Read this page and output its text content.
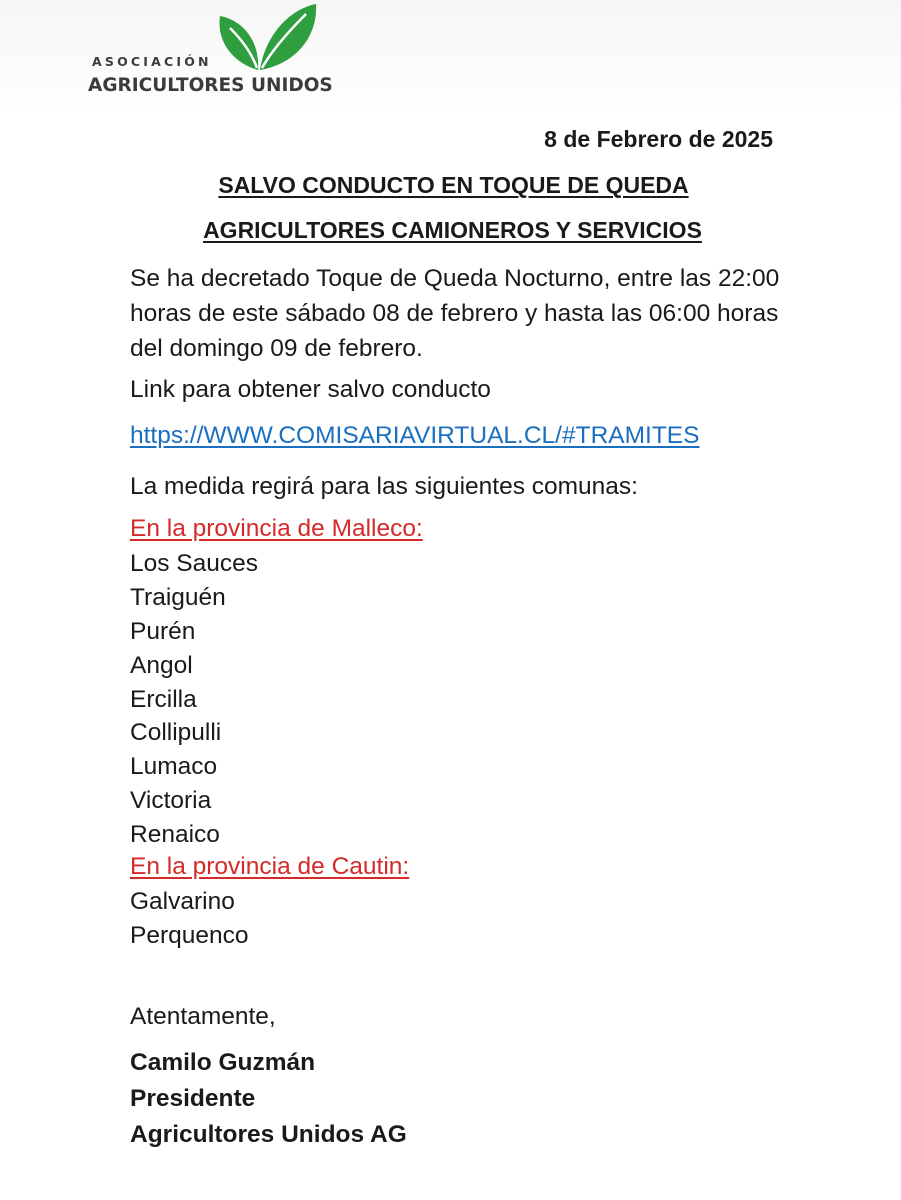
ASOCIACIÓN
AGRICULTORES UNIDOS
8 de Febrero de 2025
SALVO CONDUCTO EN TOQUE DE QUEDA
AGRICULTORES CAMIONEROS Y SERVICIOS
Se ha decretado Toque de Queda Nocturno, entre las 22:00 horas de este sábado 08 de febrero y hasta las 06:00 horas del domingo 09 de febrero.
Link para obtener salvo conducto
https://WWW.COMISARIAVIRTUAL.CL/#TRAMITES
La medida regirá para las siguientes comunas:
En la provincia de Malleco:
Los Sauces
Traiguén
Purén
Angol
Ercilla
Collipulli
Lumaco
Victoria
Renaico
En la provincia de Cautin:
Galvarino
Perquenco
Atentamente,
Camilo Guzmán
Presidente
Agricultores Unidos AG
